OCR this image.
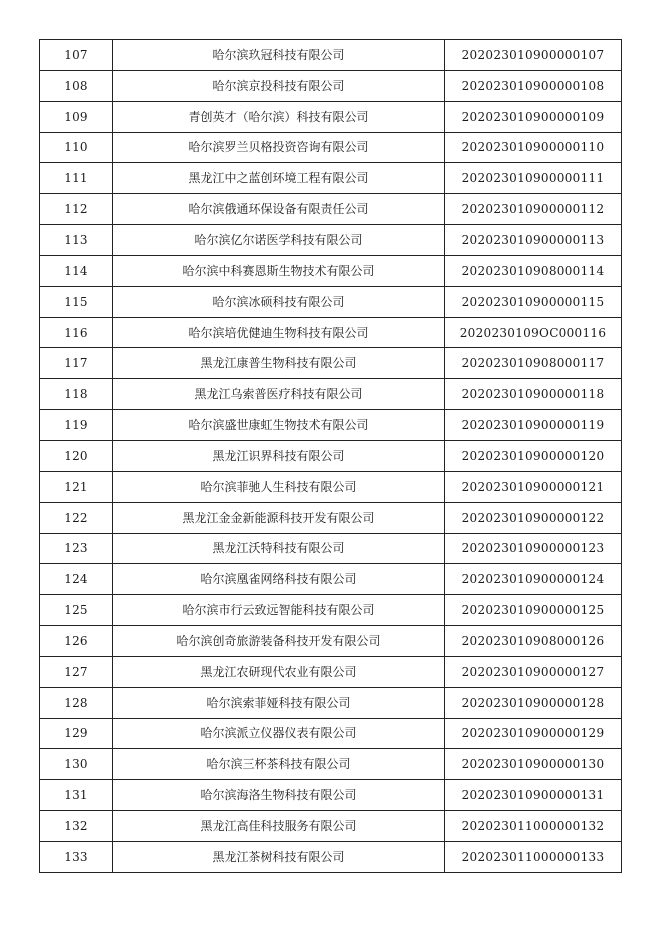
107	哈尔滨玖冠科技有限公司	202023010900000107
108	哈尔滨京投科技有限公司	202023010900000108
109	青创英才（哈尔滨）科技有限公司	202023010900000109
110	哈尔滨罗兰贝格投资咨询有限公司	202023010900000110
111	黑龙江中之蓝创环境工程有限公司	202023010900000111
112	哈尔滨俄通环保设备有限责任公司	202023010900000112
113	哈尔滨亿尔诺医学科技有限公司	202023010900000113
114	哈尔滨中科赛恩斯生物技术有限公司	202023010908000114
115	哈尔滨冰硕科技有限公司	202023010900000115
116	哈尔滨培优健迪生物科技有限公司	2020230109OC000116
117	黑龙江康普生物科技有限公司	202023010908000117
118	黑龙江乌索普医疗科技有限公司	202023010900000118
119	哈尔滨盛世康虹生物技术有限公司	202023010900000119
120	黑龙江识界科技有限公司	202023010900000120
121	哈尔滨菲驰人生科技有限公司	202023010900000121
122	黑龙江金金新能源科技开发有限公司	202023010900000122
123	黑龙江沃特科技有限公司	202023010900000123
124	哈尔滨凰雀网络科技有限公司	202023010900000124
125	哈尔滨市行云致远智能科技有限公司	202023010900000125
126	哈尔滨创奇旅游装备科技开发有限公司	202023010908000126
127	黑龙江农研现代农业有限公司	202023010900000127
128	哈尔滨索菲娅科技有限公司	202023010900000128
129	哈尔滨派立仪器仪表有限公司	202023010900000129
130	哈尔滨三杯茶科技有限公司	202023010900000130
131	哈尔滨海洛生物科技有限公司	202023010900000131
132	黑龙江高佳科技服务有限公司	202023011000000132
133	黑龙江茶树科技有限公司	202023011000000133
